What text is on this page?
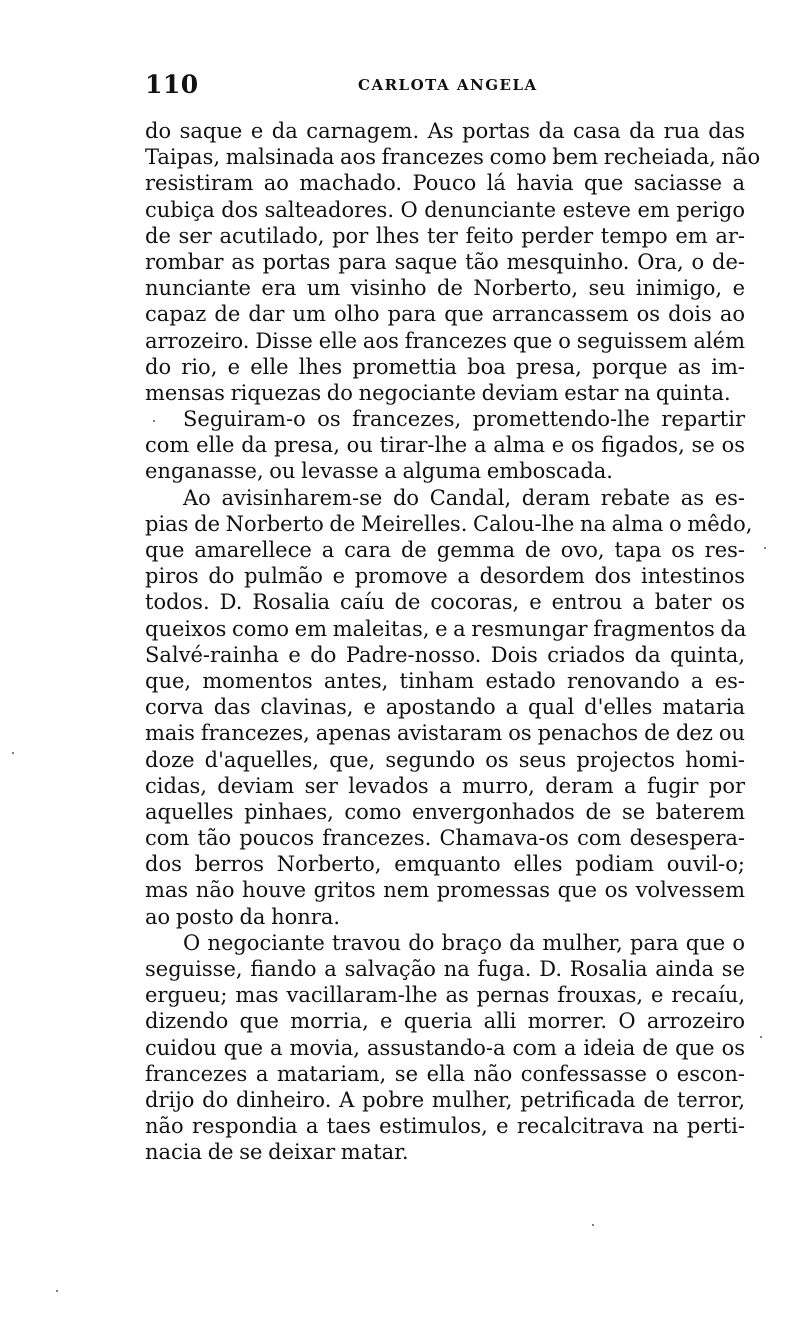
110	CARLOTA ANGELA
do saque e da carnagem. As portas da casa da rua das
Taipas, malsinada aos francezes como bem recheiada, não
resistiram ao machado. Pouco lá havia que saciasse a
cubiça dos salteadores. O denunciante esteve em perigo
de ser acutilado, por lhes ter feito perder tempo em ar-
rombar as portas para saque tão mesquinho. Ora, o de-
nunciante era um visinho de Norberto, seu inimigo, e
capaz de dar um olho para que arrancassem os dois ao
arrozeiro. Disse elle aos francezes que o seguissem além
do rio, e elle lhes promettia boa presa, porque as im-
mensas riquezas do negociante deviam estar na quinta.
Seguiram-o os francezes, promettendo-lhe repartir
com elle da presa, ou tirar-lhe a alma e os figados, se os
enganasse, ou levasse a alguma emboscada.
Ao avisinharem-se do Candal, deram rebate as es-
pias de Norberto de Meirelles. Calou-lhe na alma o mêdo,
que amarellece a cara de gemma de ovo, tapa os res-
piros do pulmão e promove a desordem dos intestinos
todos. D. Rosalia caíu de cocoras, e entrou a bater os
queixos como em maleitas, e a resmungar fragmentos da
Salvé-rainha e do Padre-nosso. Dois criados da quinta,
que, momentos antes, tinham estado renovando a es-
corva das clavinas, e apostando a qual d'elles mataria
mais francezes, apenas avistaram os penachos de dez ou
doze d'aquelles, que, segundo os seus projectos homi-
cidas, deviam ser levados a murro, deram a fugir por
aquelles pinhaes, como envergonhados de se baterem
com tão poucos francezes. Chamava-os com desespera-
dos berros Norberto, emquanto elles podiam ouvil-o;
mas não houve gritos nem promessas que os volvessem
ao posto da honra.
O negociante travou do braço da mulher, para que o
seguisse, fiando a salvação na fuga. D. Rosalia ainda se
ergueu; mas vacillaram-lhe as pernas frouxas, e recaíu,
dizendo que morria, e queria alli morrer. O arrozeiro
cuidou que a movia, assustando-a com a ideia de que os
francezes a matariam, se ella não confessasse o escon-
drijo do dinheiro. A pobre mulher, petrificada de terror,
não respondia a taes estimulos, e recalcitrava na perti-
nacia de se deixar matar.
